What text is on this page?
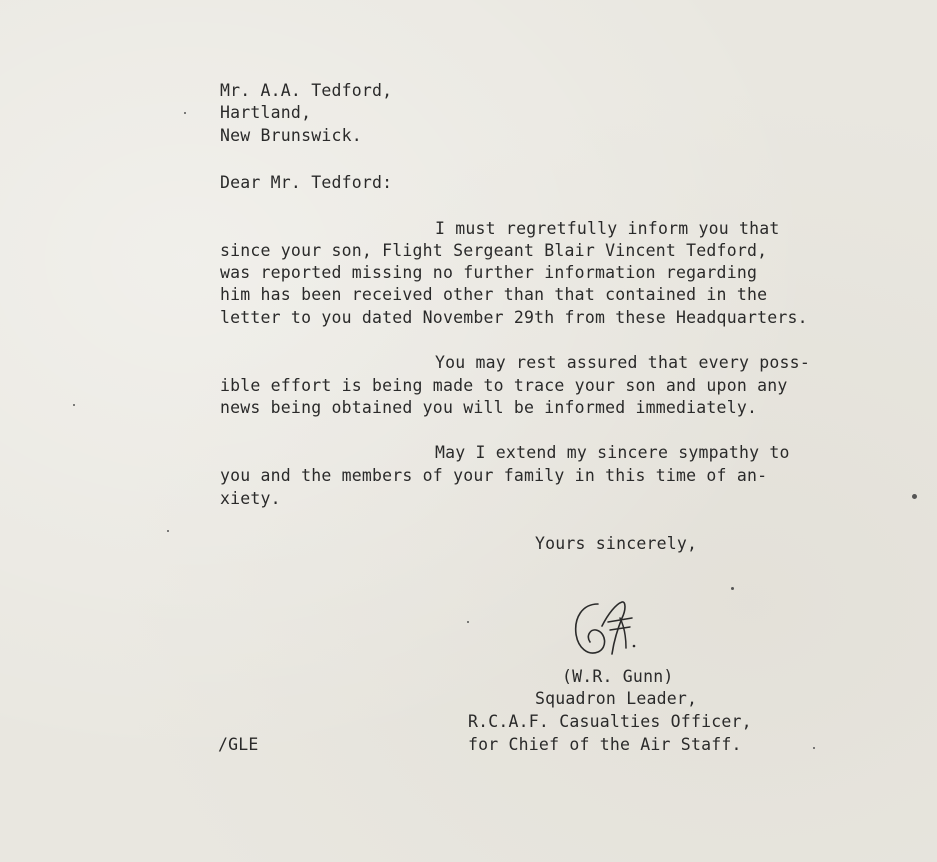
Mr. A.A. Tedford,

Hartland,

New Brunswick.

Dear Mr. Tedford:

I must regretfully inform you that

since your son, Flight Sergeant Blair Vincent Tedford,

was reported missing no further information regarding

him has been received other than that contained in the

letter to you dated November 29th from these Headquarters.

You may rest assured that every poss-

ible effort is being made to trace your son and upon any

news being obtained you will be informed immediately.

May I extend my sincere sympathy to

you and the members of your family in this time of an-

xiety.

Yours sincerely,

(W.R. Gunn)

Squadron Leader,

R.C.A.F. Casualties Officer,

for Chief of the Air Staff.

/GLE
